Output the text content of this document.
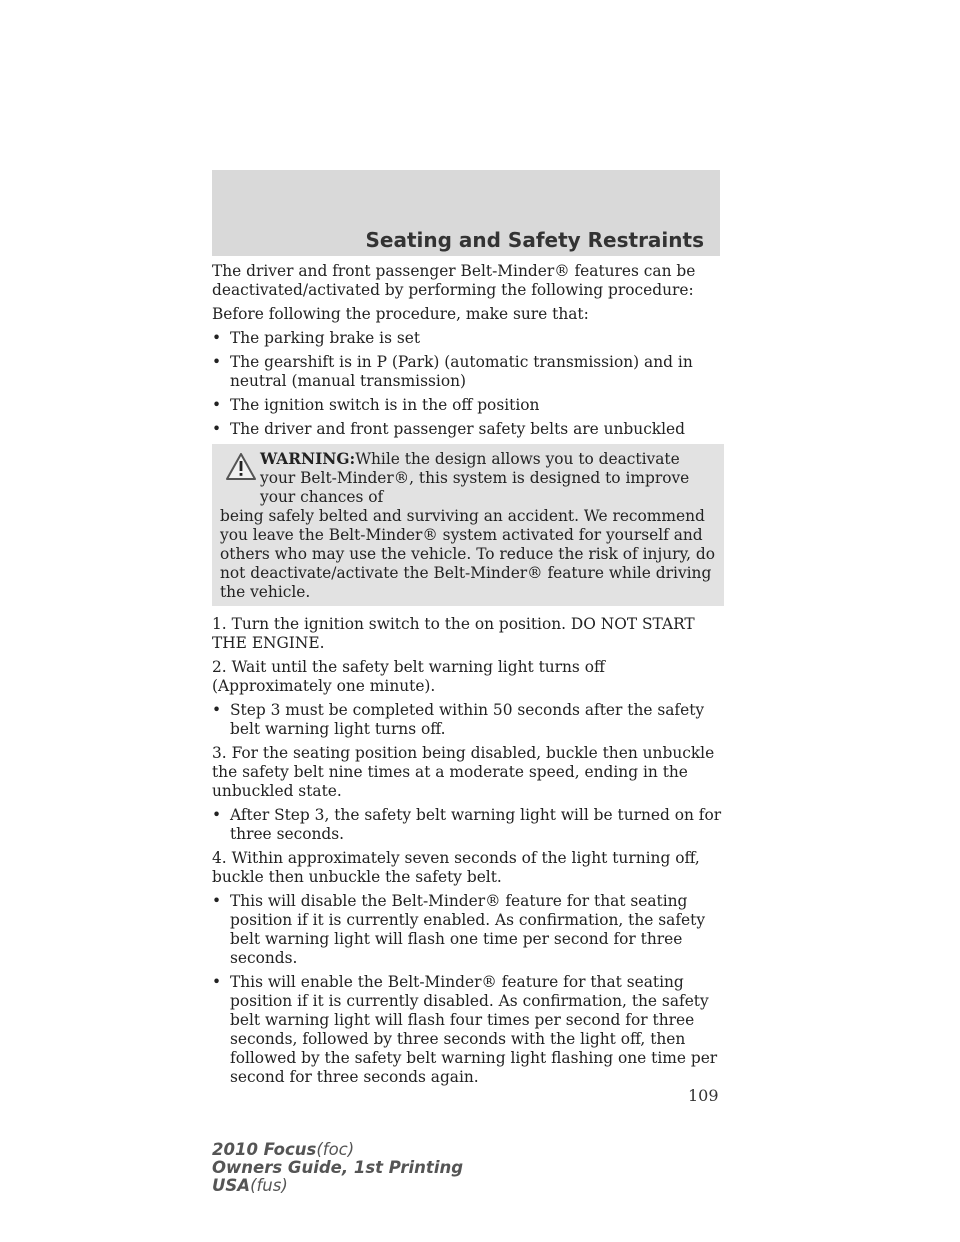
Seating and Safety Restraints

The driver and front passenger Belt-Minder® features can be deactivated/activated by performing the following procedure:

Before following the procedure, make sure that:

• The parking brake is set
• The gearshift is in P (Park) (automatic transmission) and in neutral (manual transmission)
• The ignition switch is in the off position
• The driver and front passenger safety belts are unbuckled
WARNING:While the design allows you to deactivate your Belt-Minder®, this system is designed to improve your chances of
being safely belted and surviving an accident. We recommend you leave the Belt-Minder® system activated for yourself and others who may use the vehicle. To reduce the risk of injury, do not deactivate/activate the Belt-Minder® feature while driving the vehicle.

1. Turn the ignition switch to the on position. DO NOT START THE ENGINE.

2. Wait until the safety belt warning light turns off (Approximately one minute).

• Step 3 must be completed within 50 seconds after the safety belt warning light turns off.

3. For the seating position being disabled, buckle then unbuckle the safety belt nine times at a moderate speed, ending in the unbuckled state.

• After Step 3, the safety belt warning light will be turned on for three seconds.

4. Within approximately seven seconds of the light turning off, buckle then unbuckle the safety belt.

• This will disable the Belt-Minder® feature for that seating position if it is currently enabled. As confirmation, the safety belt warning light will flash one time per second for three seconds.
• This will enable the Belt-Minder® feature for that seating position if it is currently disabled. As confirmation, the safety belt warning light will flash four times per second for three seconds, followed by three seconds with the light off, then followed by the safety belt warning light flashing one time per second for three seconds again.
109
2010 Focus(foc)
Owners Guide, 1st Printing
USA(fus)
